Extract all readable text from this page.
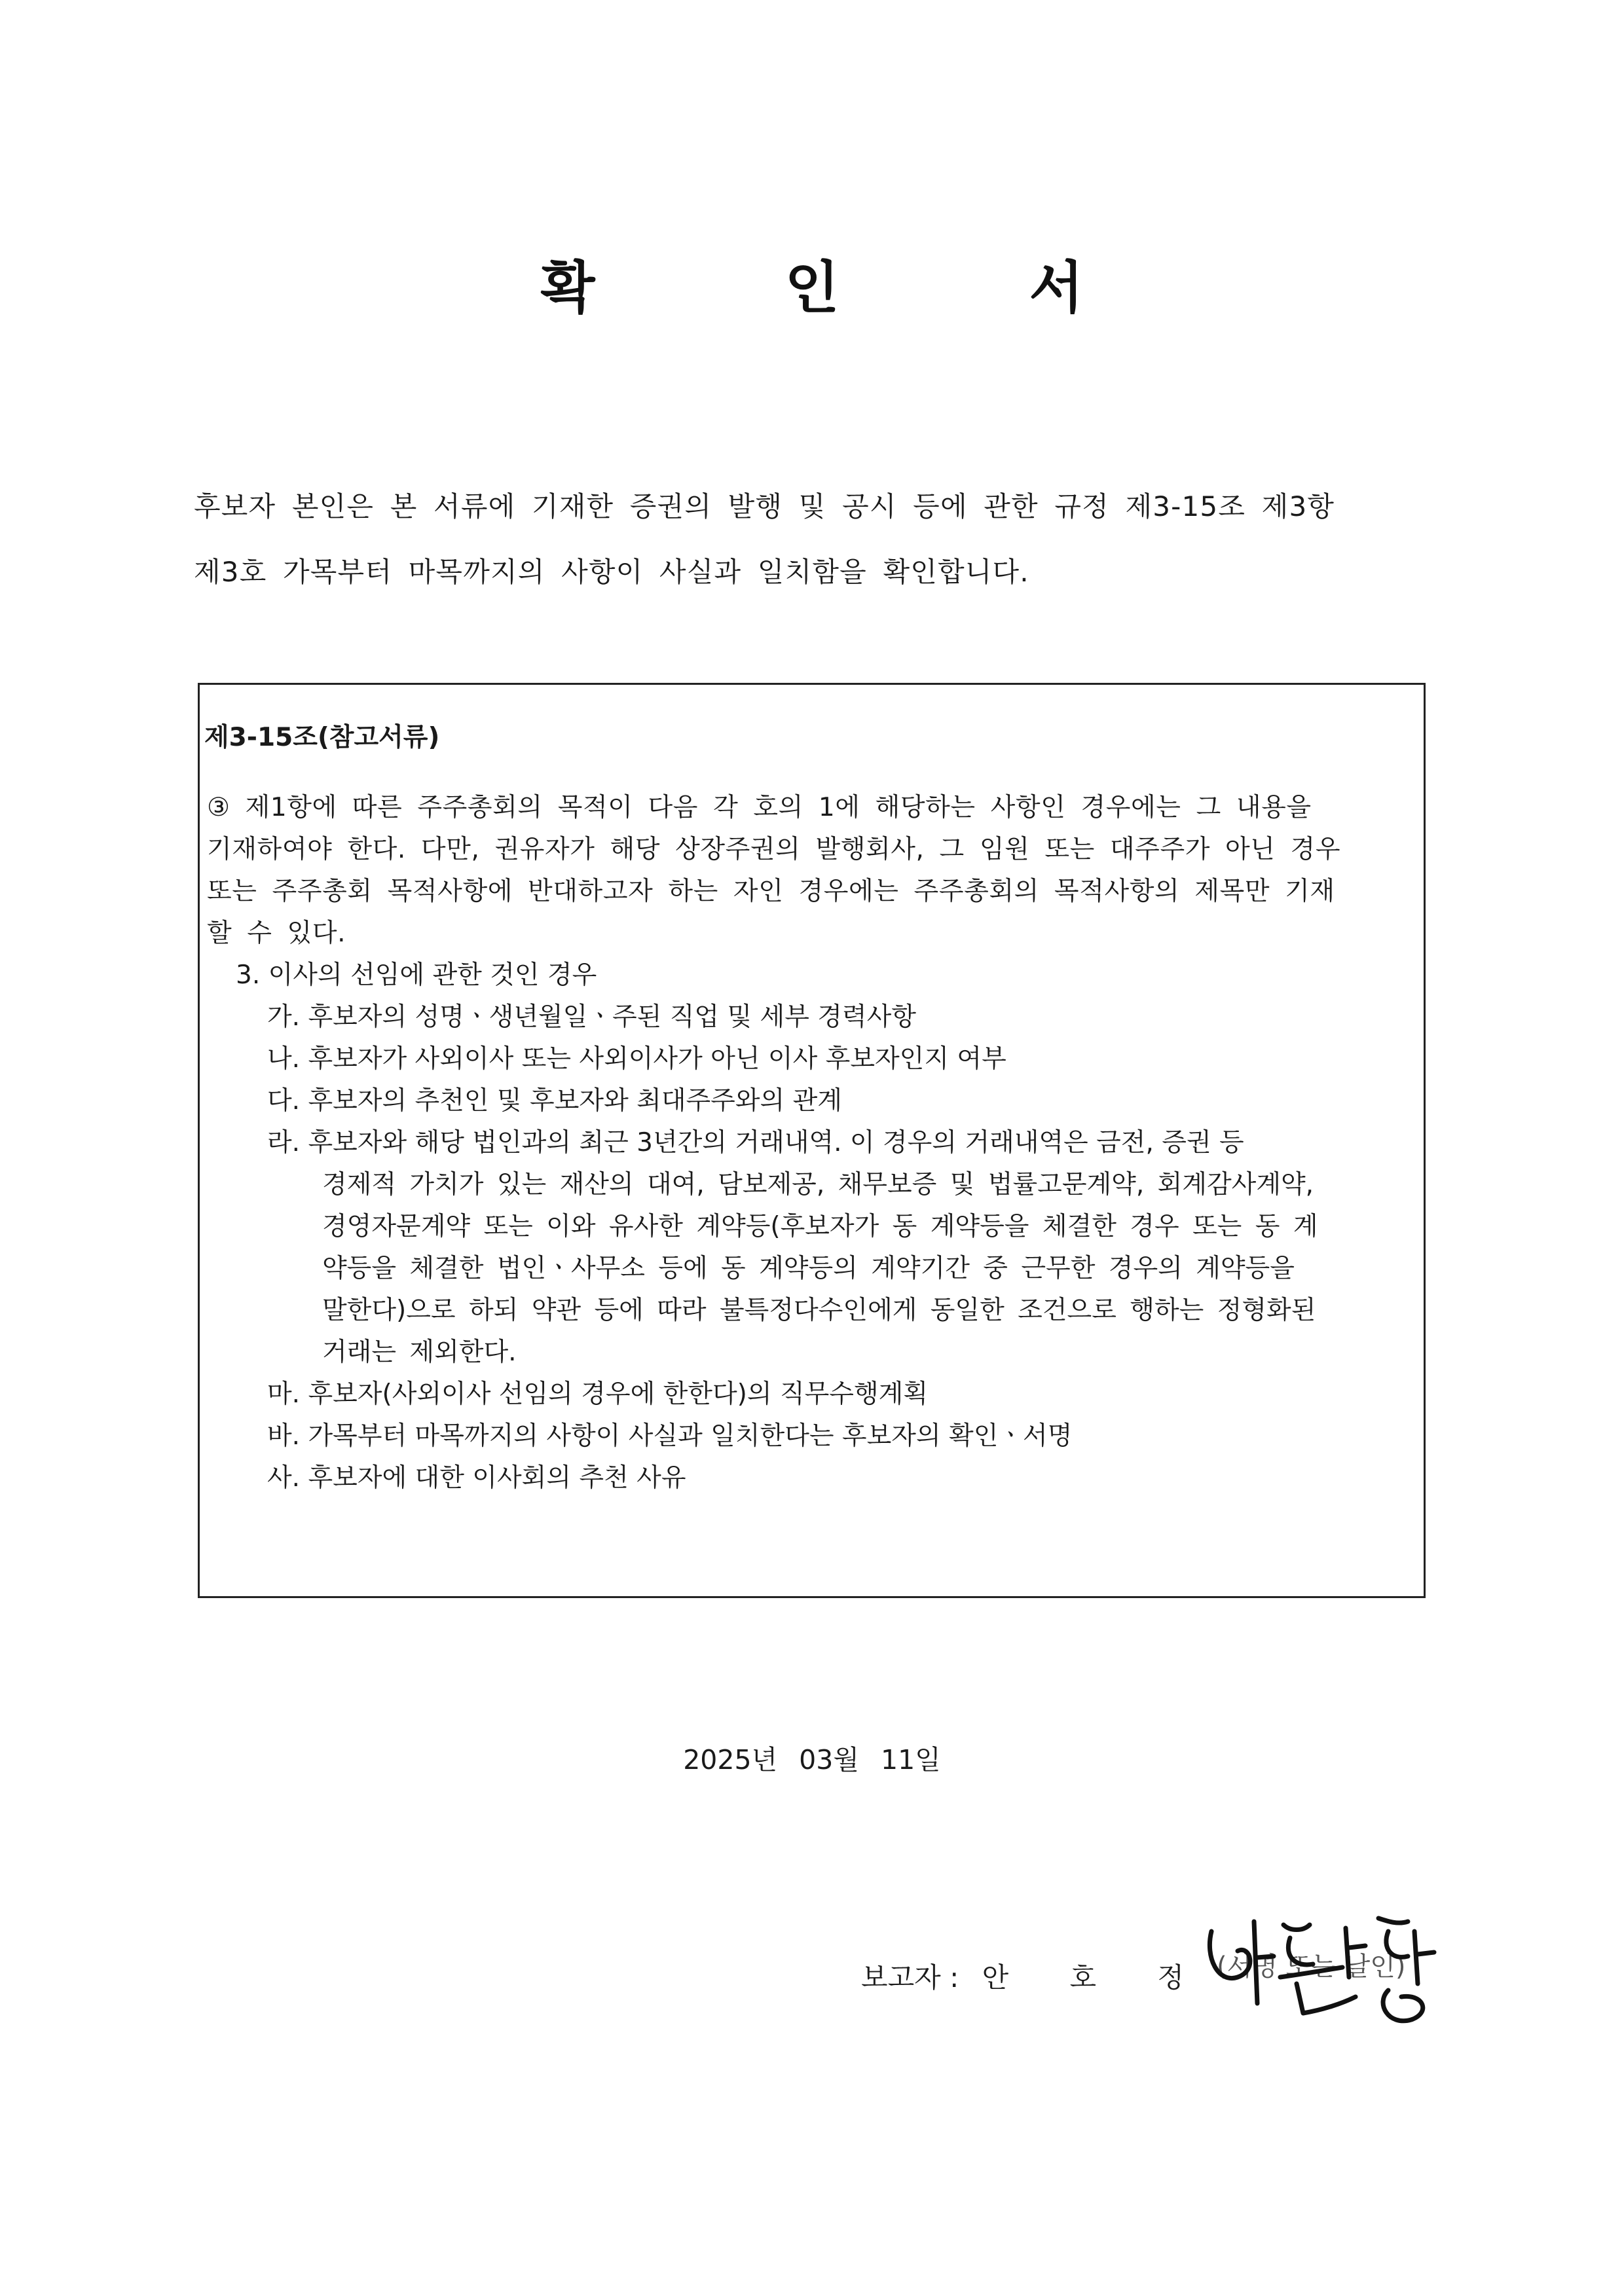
확 인 서
후보자 본인은 본 서류에 기재한 증권의 발행 및 공시 등에 관한 규정 제3-15조 제3항
제3호 가목부터 마목까지의 사항이 사실과 일치함을 확인합니다.
제3-15조(참고서류)
③ 제1항에 따른 주주총회의 목적이 다음 각 호의 1에 해당하는 사항인 경우에는 그 내용을
기재하여야 한다. 다만, 권유자가 해당 상장주권의 발행회사, 그 임원 또는 대주주가 아닌 경우
또는 주주총회 목적사항에 반대하고자 하는 자인 경우에는 주주총회의 목적사항의 제목만 기재
할 수 있다.
3. 이사의 선임에 관한 것인 경우
가. 후보자의 성명ㆍ생년월일ㆍ주된 직업 및 세부 경력사항
나. 후보자가 사외이사 또는 사외이사가 아닌 이사 후보자인지 여부
다. 후보자의 추천인 및 후보자와 최대주주와의 관계
라. 후보자와 해당 법인과의 최근 3년간의 거래내역. 이 경우의 거래내역은 금전, 증권 등
경제적 가치가 있는 재산의 대여, 담보제공, 채무보증 및 법률고문계약, 회계감사계약,
경영자문계약 또는 이와 유사한 계약등(후보자가 동 계약등을 체결한 경우 또는 동 계
약등을 체결한 법인ㆍ사무소 등에 동 계약등의 계약기간 중 근무한 경우의 계약등을
말한다)으로 하되 약관 등에 따라 불특정다수인에게 동일한 조건으로 행하는 정형화된
거래는 제외한다.
마. 후보자(사외이사 선임의 경우에 한한다)의 직무수행계획
바. 가목부터 마목까지의 사항이 사실과 일치한다는 후보자의 확인ㆍ서명
사. 후보자에 대한 이사회의 추천 사유
2025년 03월 11일
보고자 : 안 호 정 (서명 또는 날인)
